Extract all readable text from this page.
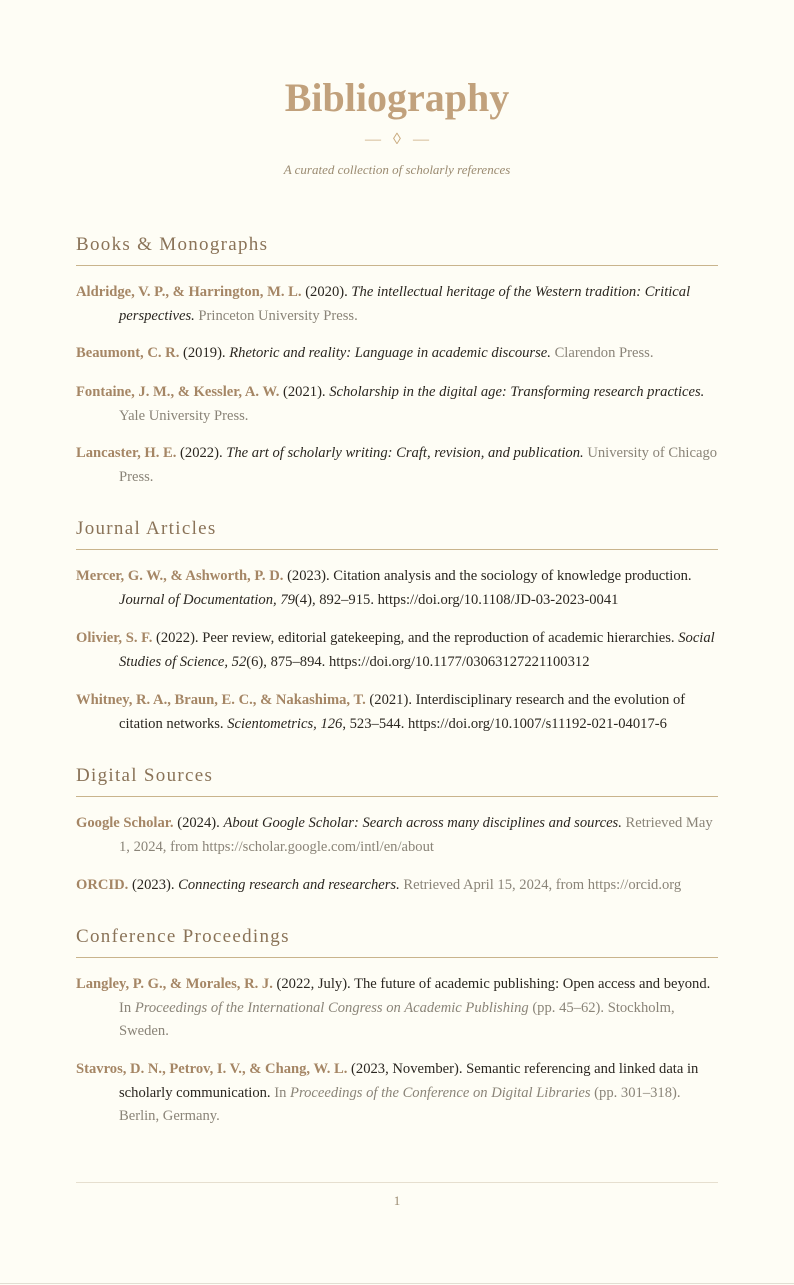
Bibliography
—   ◊   —
A curated collection of scholarly references
Books & Monographs
Aldridge, V. P., & Harrington, M. L. (2020). The intellectual heritage of the Western tradition: Critical perspectives. Princeton University Press.
Beaumont, C. R. (2019). Rhetoric and reality: Language in academic discourse. Clarendon Press.
Fontaine, J. M., & Kessler, A. W. (2021). Scholarship in the digital age: Transforming research practices. Yale University Press.
Lancaster, H. E. (2022). The art of scholarly writing: Craft, revision, and publication. University of Chicago Press.
Journal Articles
Mercer, G. W., & Ashworth, P. D. (2023). Citation analysis and the sociology of knowledge production. Journal of Documentation, 79(4), 892–915. https://doi.org/10.1108/JD-03-2023-0041
Olivier, S. F. (2022). Peer review, editorial gatekeeping, and the reproduction of academic hierarchies. Social Studies of Science, 52(6), 875–894. https://doi.org/10.1177/03063127221100312
Whitney, R. A., Braun, E. C., & Nakashima, T. (2021). Interdisciplinary research and the evolution of citation networks. Scientometrics, 126, 523–544. https://doi.org/10.1007/s11192-021-04017-6
Digital Sources
Google Scholar. (2024). About Google Scholar: Search across many disciplines and sources. Retrieved May 1, 2024, from https://scholar.google.com/intl/en/about
ORCID. (2023). Connecting research and researchers. Retrieved April 15, 2024, from https://orcid.org
Conference Proceedings
Langley, P. G., & Morales, R. J. (2022, July). The future of academic publishing: Open access and beyond. In Proceedings of the International Congress on Academic Publishing (pp. 45–62). Stockholm, Sweden.
Stavros, D. N., Petrov, I. V., & Chang, W. L. (2023, November). Semantic referencing and linked data in scholarly communication. In Proceedings of the Conference on Digital Libraries (pp. 301–318). Berlin, Germany.
1
